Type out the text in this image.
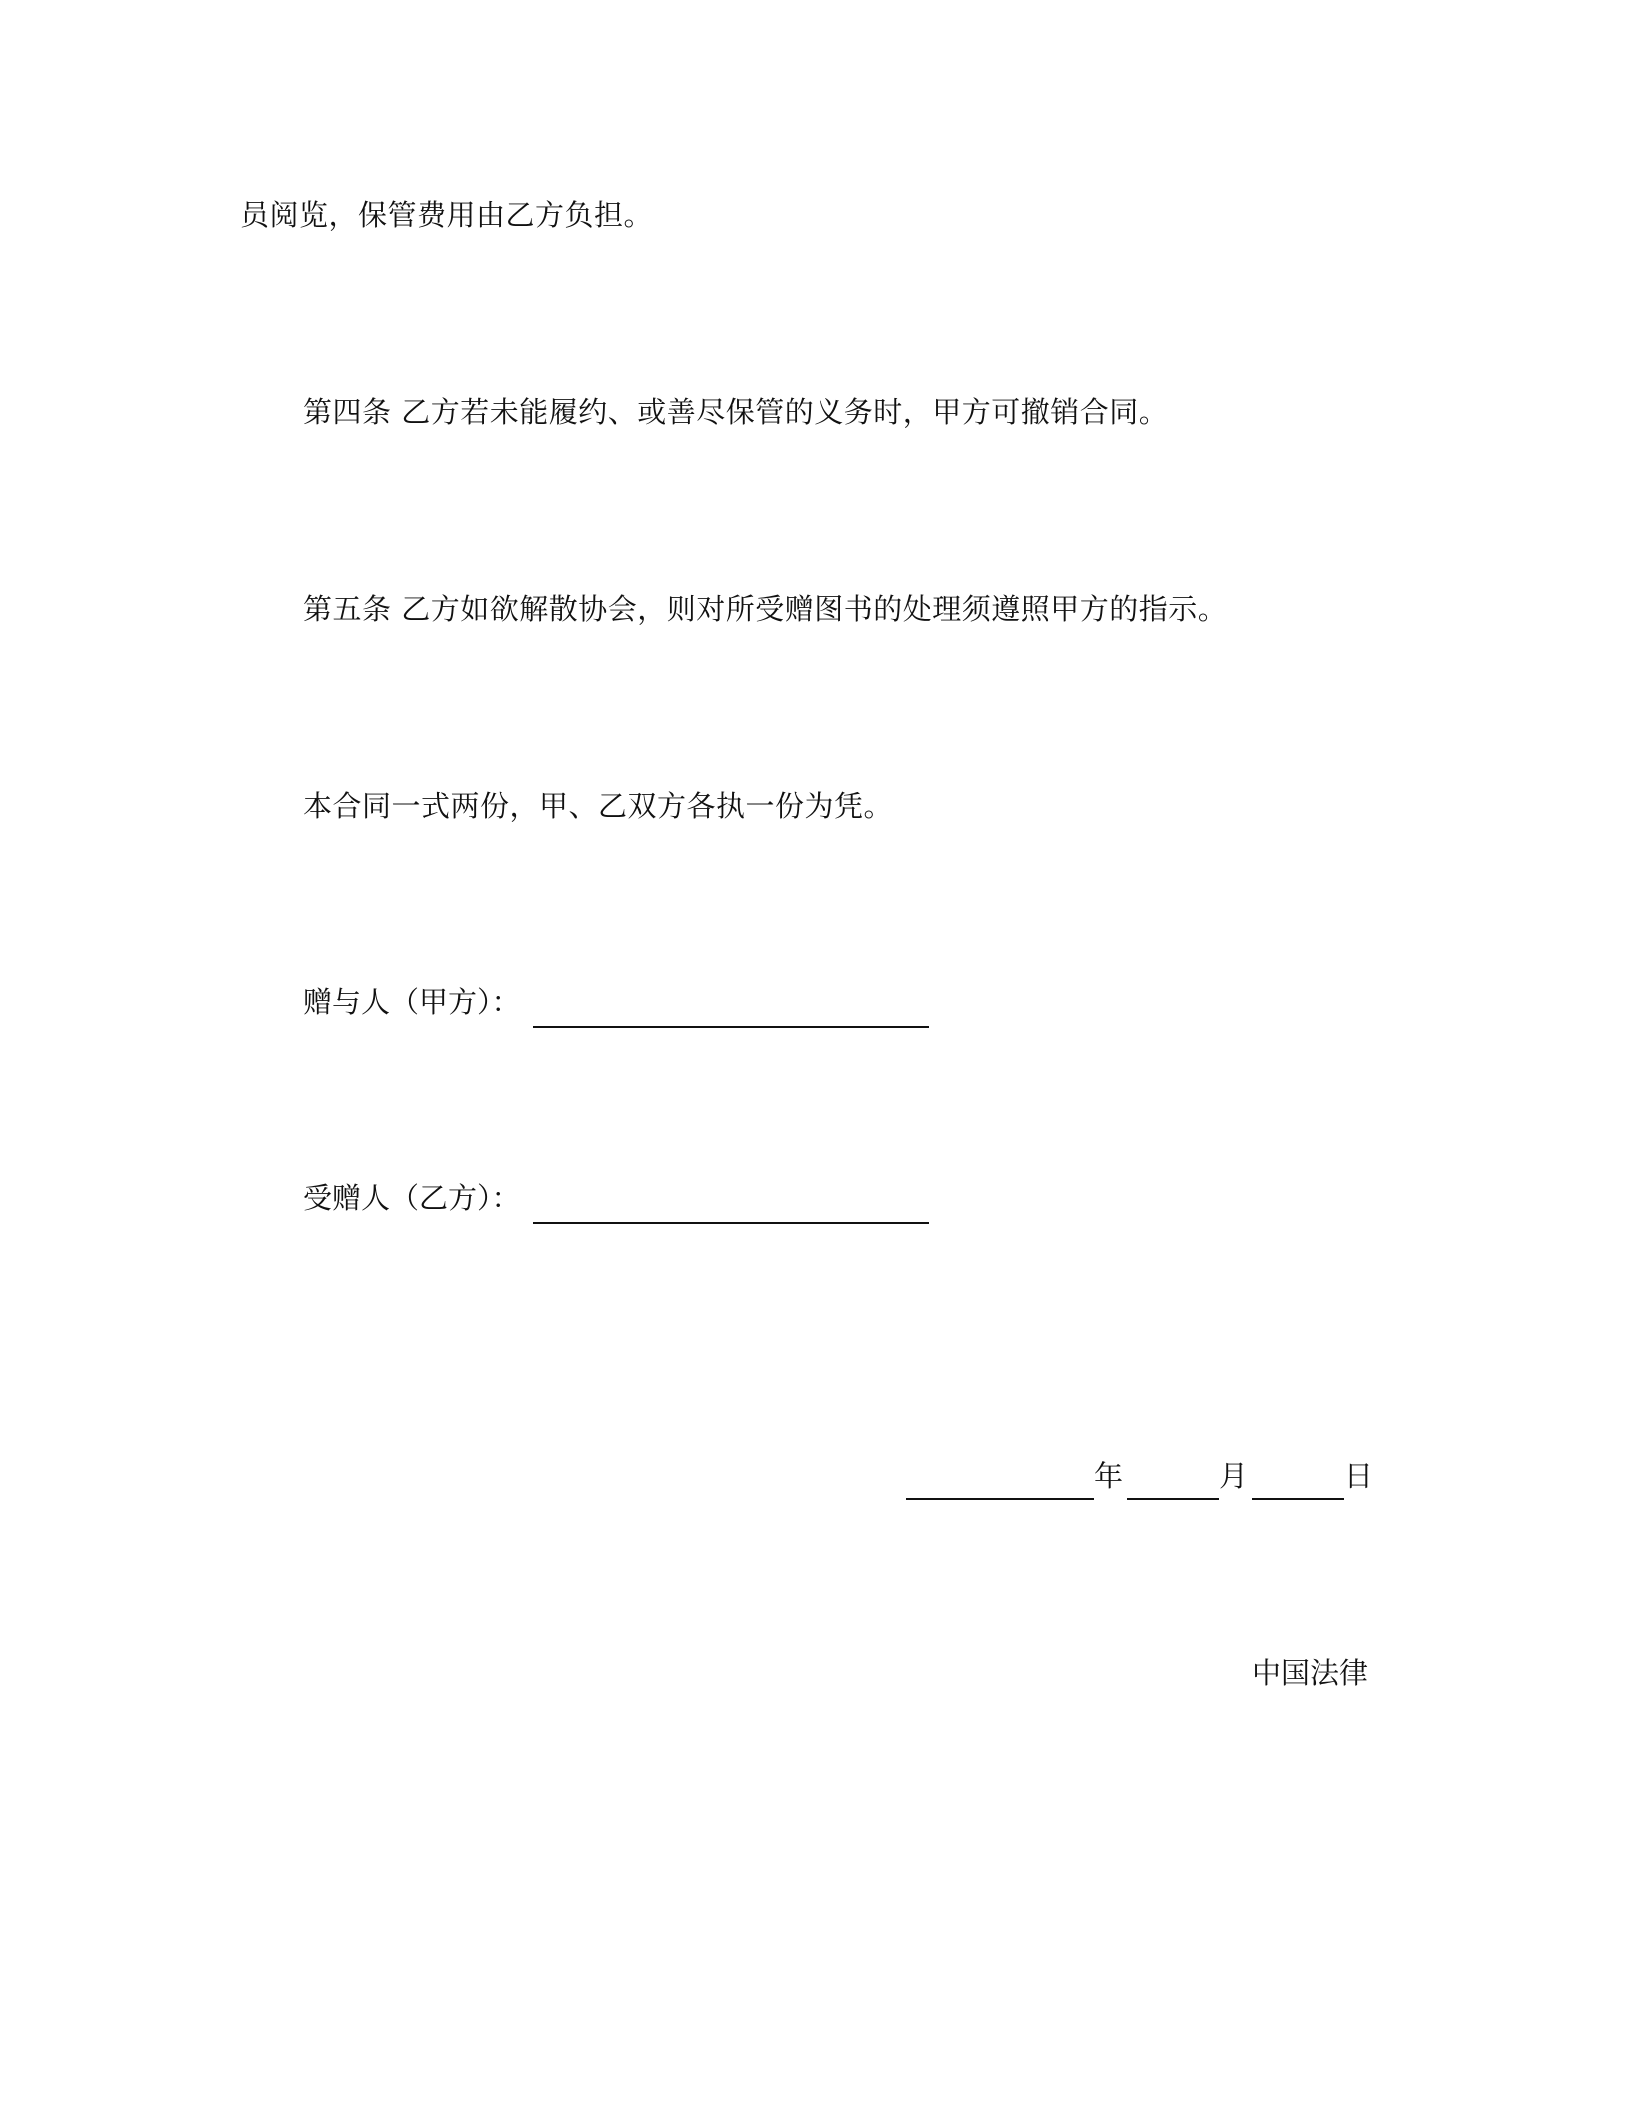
员阅览，保管费用由乙方负担。
第四条 乙方若未能履约、或善尽保管的义务时，甲方可撤销合同。
第五条 乙方如欲解散协会，则对所受赠图书的处理须遵照甲方的指示。
本合同一式两份，甲、乙双方各执一份为凭。
赠与人（甲方）：
受赠人（乙方）：
年	月	日
中国法律
